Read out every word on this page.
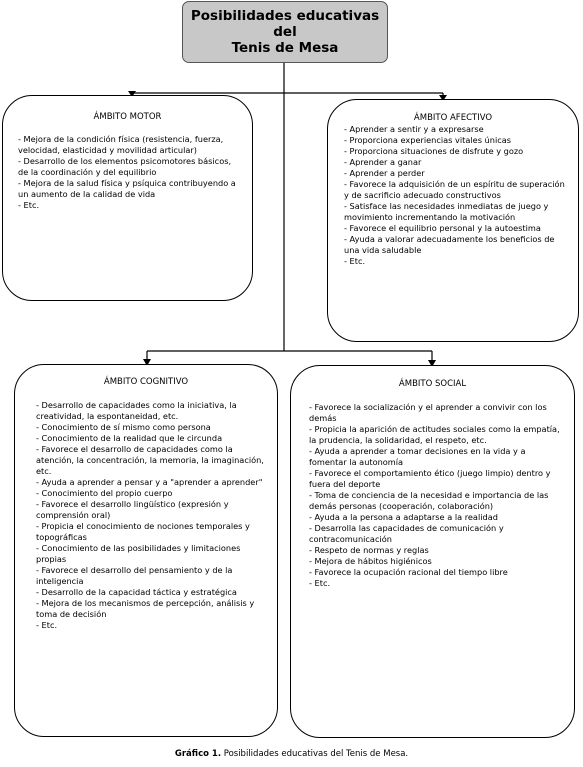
Posibilidades educativas del
Tenis de Mesa

ÁMBITO MOTOR

- Mejora de la condición física (resistencia, fuerza, velocidad, elasticidad y movilidad articular)
- Desarrollo de los elementos psicomotores básicos, de la coordinación y del equilibrio
- Mejora de la salud física y psíquica contribuyendo a un aumento de la calidad de vida
- Etc.

ÁMBITO AFECTIVO

- Aprender a sentir y a expresarse
- Proporciona experiencias vitales únicas
- Proporciona situaciones de disfrute y gozo
- Aprender a ganar
- Aprender a perder
- Favorece la adquisición de un espíritu de superación y de sacrificio adecuado constructivos
- Satisface las necesidades inmediatas de juego y movimiento incrementando la motivación
- Favorece el equilibrio personal y la autoestima
- Ayuda a valorar adecuadamente los beneficios de una vida saludable
- Etc.

ÁMBITO COGNITIVO

- Desarrollo de capacidades como la iniciativa, la creatividad, la espontaneidad, etc.
- Conocimiento de sí mismo como persona
- Conocimiento de la realidad que le circunda
- Favorece el desarrollo de capacidades como la atención, la concentración, la memoria, la imaginación, etc.
- Ayuda a aprender a pensar y a "aprender a aprender"
- Conocimiento del propio cuerpo
- Favorece el desarrollo lingüístico (expresión y comprensión oral)
- Propicia el conocimiento de nociones temporales y topográficas
- Conocimiento de las posibilidades y limitaciones propias
- Favorece el desarrollo del pensamiento y de la inteligencia
- Desarrollo de la capacidad táctica y estratégica
- Mejora de los mecanismos de percepción, análisis y toma de decisión
- Etc.

ÁMBITO SOCIAL

- Favorece la socialización y el aprender a convivir con los demás
- Propicia la aparición de actitudes sociales como la empatía, la prudencia, la solidaridad, el respeto, etc.
- Ayuda a aprender a tomar decisiones en la vida y a fomentar la autonomía
- Favorece el comportamiento ético (juego limpio) dentro y fuera del deporte
- Toma de conciencia de la necesidad e importancia de las demás personas (cooperación, colaboración)
- Ayuda a la persona a adaptarse a la realidad
- Desarrolla las capacidades de comunicación y contracomunicación
- Respeto de normas y reglas
- Mejora de hábitos higiénicos
- Favorece la ocupación racional del tiempo libre
- Etc.
Gráfico 1. Posibilidades educativas del Tenis de Mesa.
